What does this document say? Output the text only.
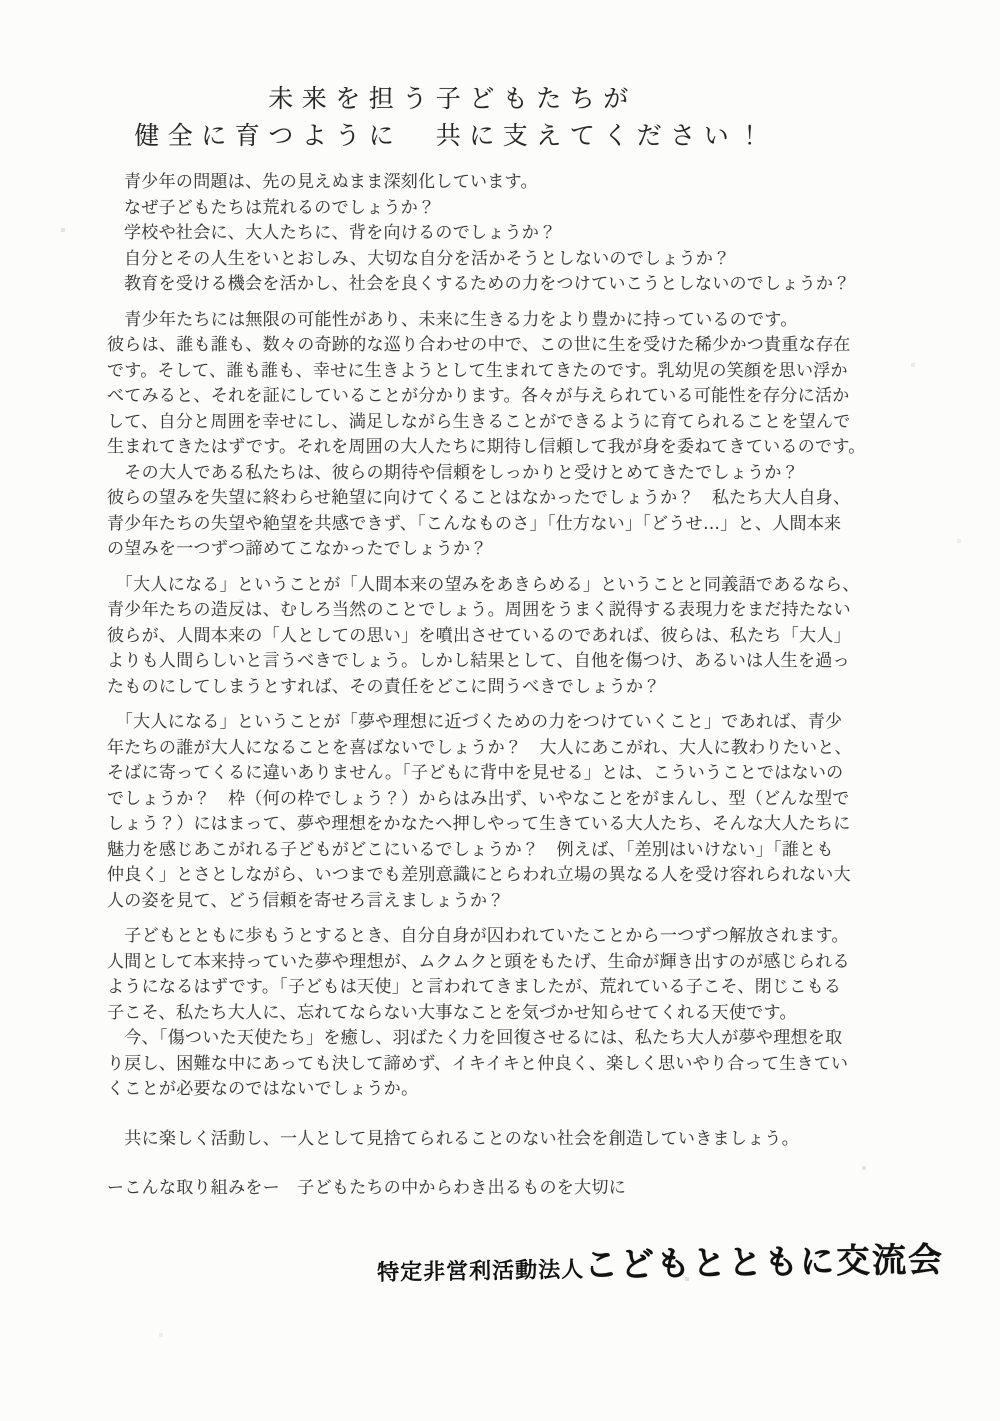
未来を担う子どもたちが
健全に育つように　共に支えてください！
青少年の問題は、先の見えぬまま深刻化しています。
なぜ子どもたちは荒れるのでしょうか？
学校や社会に、大人たちに、背を向けるのでしょうか？
自分とその人生をいとおしみ、大切な自分を活かそうとしないのでしょうか？
教育を受ける機会を活かし、社会を良くするための力をつけていこうとしないのでしょうか？
　青少年たちには無限の可能性があり、未来に生きる力をより豊かに持っているのです。
彼らは、誰も誰も、数々の奇跡的な巡り合わせの中で、この世に生を受けた稀少かつ貴重な存在
です。そして、誰も誰も、幸せに生きようとして生まれてきたのです。乳幼児の笑顔を思い浮か
べてみると、それを証にしていることが分かります。各々が与えられている可能性を存分に活か
して、自分と周囲を幸せにし、満足しながら生きることができるように育てられることを望んで
生まれてきたはずです。それを周囲の大人たちに期待し信頼して我が身を委ねてきているのです。
　その大人である私たちは、彼らの期待や信頼をしっかりと受けとめてきたでしょうか？
彼らの望みを失望に終わらせ絶望に向けてくることはなかったでしょうか？　私たち大人自身、
青少年たちの失望や絶望を共感できず、「こんなものさ」「仕方ない」「どうせ…」と、人間本来
の望みを一つずつ諦めてこなかったでしょうか？
　「大人になる」ということが「人間本来の望みをあきらめる」ということと同義語であるなら、
青少年たちの造反は、むしろ当然のことでしょう。周囲をうまく説得する表現力をまだ持たない
彼らが、人間本来の「人としての思い」を噴出させているのであれば、彼らは、私たち「大人」
よりも人間らしいと言うべきでしょう。しかし結果として、自他を傷つけ、あるいは人生を過っ
たものにしてしまうとすれば、その責任をどこに問うべきでしょうか？
　「大人になる」ということが「夢や理想に近づくための力をつけていくこと」であれば、青少
年たちの誰が大人になることを喜ばないでしょうか？　大人にあこがれ、大人に教わりたいと、
そばに寄ってくるに違いありません。「子どもに背中を見せる」とは、こういうことではないの
でしょうか？　枠（何の枠でしょう？）からはみ出ず、いやなことをがまんし、型（どんな型で
しょう？）にはまって、夢や理想をかなたへ押しやって生きている大人たち、そんな大人たちに
魅力を感じあこがれる子どもがどこにいるでしょうか？　例えば、「差別はいけない」「誰とも
仲良く」とさとしながら、いつまでも差別意識にとらわれ立場の異なる人を受け容れられない大
人の姿を見て、どう信頼を寄せろ言えましょうか？
　子どもとともに歩もうとするとき、自分自身が囚われていたことから一つずつ解放されます。
人間として本来持っていた夢や理想が、ムクムクと頭をもたげ、生命が輝き出すのが感じられる
ようになるはずです。「子どもは天使」と言われてきましたが、荒れている子こそ、閉じこもる
子こそ、私たち大人に、忘れてならない大事なことを気づかせ知らせてくれる天使です。
　今、「傷ついた天使たち」を癒し、羽ばたく力を回復させるには、私たち大人が夢や理想を取
り戻し、困難な中にあっても決して諦めず、イキイキと仲良く、楽しく思いやり合って生きてい
くことが必要なのではないでしょうか。
　共に楽しく活動し、一人として見捨てられることのない社会を創造していきましょう。
ーこんな取り組みをー　子どもたちの中からわき出るものを大切に
特定非営利活動法人こどもとともに交流会
